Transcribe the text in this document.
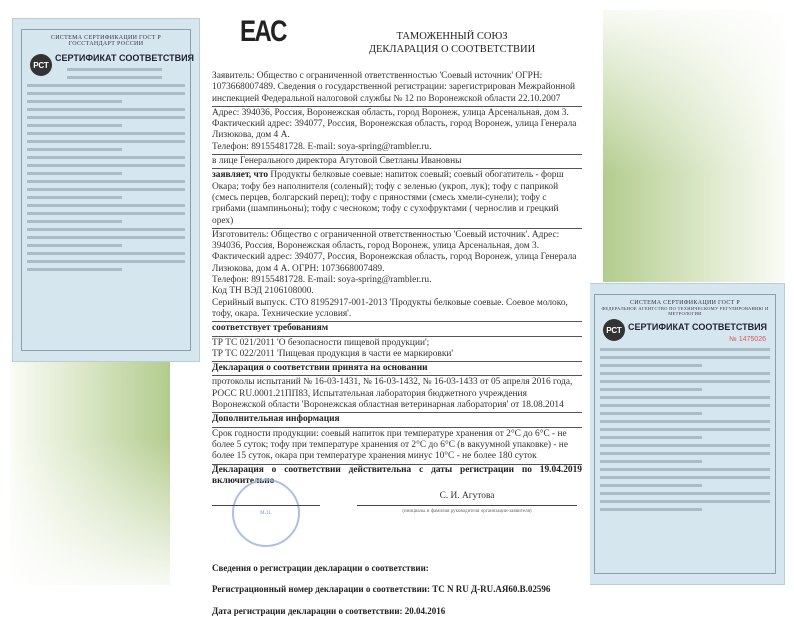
СИСТЕМА СЕРТИФИКАЦИИ ГОСТ Р
ГОССТАНДАРТ РОССИИ
РСТ
СЕРТИФИКАТ СООТВЕТСТВИЯ
СИСТЕМА СЕРТИФИКАЦИИ ГОСТ Р
ФЕДЕРАЛЬНОЕ АГЕНТСТВО ПО ТЕХНИЧЕСКОМУ РЕГУЛИРОВАНИЮ И МЕТРОЛОГИИ
РСТ СЕРТИФИКАТ СООТВЕТСТВИЯ
№ 1475026
EAC	ТАМОЖЕННЫЙ СОЮЗ
ДЕКЛАРАЦИЯ О СООТВЕТСТВИИ
Заявитель: Общество с ограниченной ответственностью 'Соевый источник' ОГРН: 1073668007489. Сведения о государственной регистрации: зарегистрирован Межрайонной инспекцией Федеральной налоговой службы № 12 по Воронежской области 22.10.2007
Адрес: 394036, Россия, Воронежская область, город Воронеж, улица Арсенальная, дом 3. Фактический адрес: 394077, Россия, Воронежская область, город Воронеж, улица Генерала Лизюкова, дом 4 А.
Телефон: 89155481728. E-mail: soya-spring@rambler.ru.
в лице Генерального директора Агутовой Светланы Ивановны
заявляет, что Продукты белковые соевые: напиток соевый; соевый обогатитель - форш Окара; тофу без наполнителя (соленый); тофу с зеленью (укроп, лук); тофу с паприкой (смесь перцев, болгарский перец); тофу с пряностями (смесь хмели-сунели); тофу с грибами (шампиньоны); тофу с чесноком; тофу с сухофруктами ( чернослив и грецкий орех)
Изготовитель: Общество с ограниченной ответственностью 'Соевый источник'. Адрес: 394036, Россия, Воронежская область, город Воронеж, улица Арсенальная, дом 3. Фактический адрес: 394077, Россия, Воронежская область, город Воронеж, улица Генерала Лизюкова, дом 4 А. ОГРН: 1073668007489.
Телефон: 89155481728. E-mail: soya-spring@rambler.ru.
Код ТН ВЭД 2106108000.
Серийный выпуск. СТО 81952917-001-2013 'Продукты белковые соевые. Соевое молоко, тофу, окара. Технические условия'.
соответствует требованиям
ТР ТС 021/2011 'О безопасности пищевой продукции';
ТР ТС 022/2011 'Пищевая продукция в части ее маркировки'
Декларация о соответствии принята на основании
протоколы испытаний № 16-03-1431, № 16-03-1432, № 16-03-1433 от 05 апреля 2016 года, РОСС RU.0001.21ПП83, Испытательная лаборатория бюджетного учреждения Воронежской области 'Воронежская областная ветеринарная лаборатория' от 18.08.2014
Дополнительная информация
Срок годности продукции: соевый напиток при температуре хранения от 2°С до 6°С - не более 5 суток; тофу при температуре хранения от 2°С до 6°С (в вакуумной упаковке) - не более 15 суток, окара при температуре хранения минус 10°С - не более 180 суток
Декларация о соответствии действительна с даты регистрации по 19.04.2019 включительно
м.п.
С. И. Агутова
(инициалы и фамилия руководителя организации-заявителя)
Сведения о регистрации декларации о соответствии:
Регистрационный номер декларации о соответствии: ТС N RU Д-RU.АЯ60.В.02596
Дата регистрации декларации о соответствии: 20.04.2016
